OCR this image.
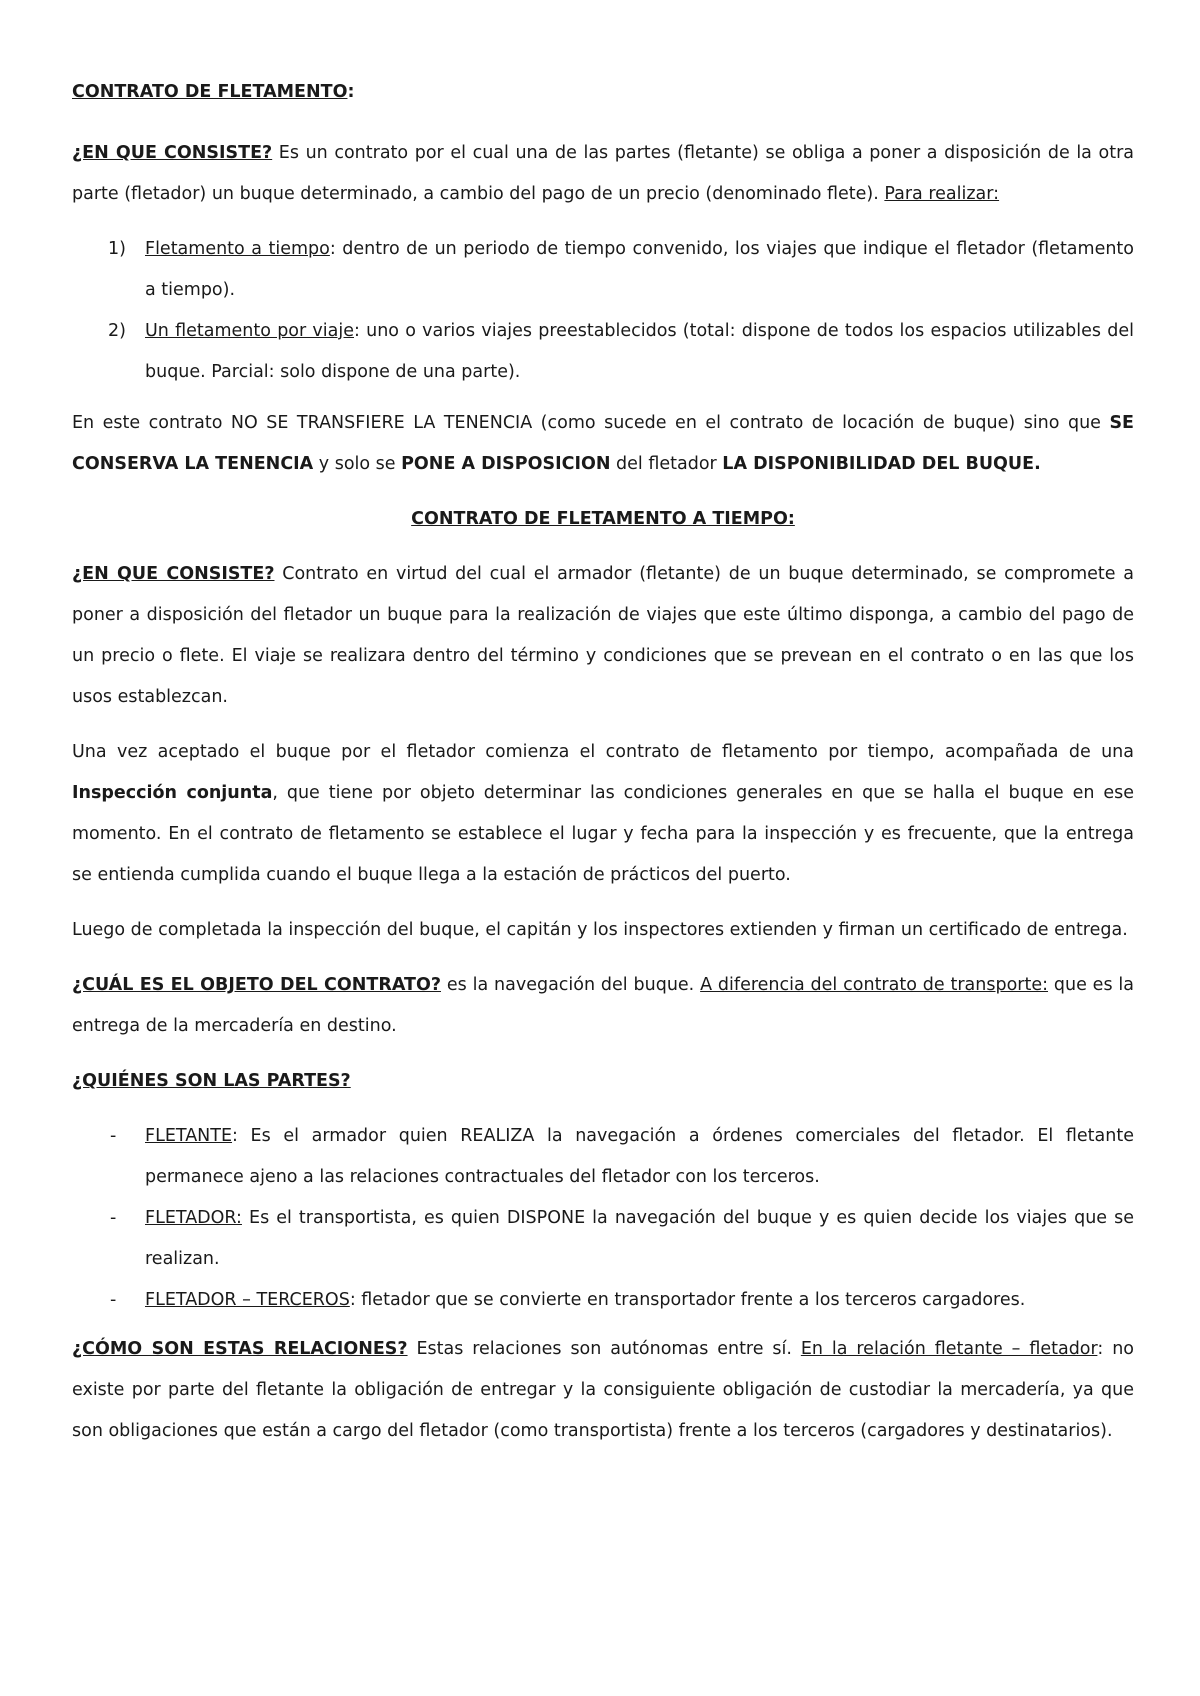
CONTRATO DE FLETAMENTO:

¿EN QUE CONSISTE? Es un contrato por el cual una de las partes (fletante) se obliga a poner a disposición de la otra parte (fletador) un buque determinado, a cambio del pago de un precio (denominado flete). Para realizar:

1) Fletamento a tiempo: dentro de un periodo de tiempo convenido, los viajes que indique el fletador (fletamento a tiempo).
2) Un fletamento por viaje: uno o varios viajes preestablecidos (total: dispone de todos los espacios utilizables del buque. Parcial: solo dispone de una parte).

En este contrato NO SE TRANSFIERE LA TENENCIA (como sucede en el contrato de locación de buque) sino que SE CONSERVA LA TENENCIA y solo se PONE A DISPOSICION del fletador LA DISPONIBILIDAD DEL BUQUE.

CONTRATO DE FLETAMENTO A TIEMPO:

¿EN QUE CONSISTE? Contrato en virtud del cual el armador (fletante) de un buque determinado, se compromete a poner a disposición del fletador un buque para la realización de viajes que este último disponga, a cambio del pago de un precio o flete. El viaje se realizara dentro del término y condiciones que se prevean en el contrato o en las que los usos establezcan.

Una vez aceptado el buque por el fletador comienza el contrato de fletamento por tiempo, acompañada de una Inspección conjunta, que tiene por objeto determinar las condiciones generales en que se halla el buque en ese momento. En el contrato de fletamento se establece el lugar y fecha para la inspección y es frecuente, que la entrega se entienda cumplida cuando el buque llega a la estación de prácticos del puerto.

Luego de completada la inspección del buque, el capitán y los inspectores extienden y firman un certificado de entrega.

¿CUÁL ES EL OBJETO DEL CONTRATO? es la navegación del buque. A diferencia del contrato de transporte: que es la entrega de la mercadería en destino.

¿QUIÉNES SON LAS PARTES?

- FLETANTE: Es el armador quien REALIZA la navegación a órdenes comerciales del fletador. El fletante permanece ajeno a las relaciones contractuales del fletador con los terceros.
- FLETADOR: Es el transportista, es quien DISPONE la navegación del buque y es quien decide los viajes que se realizan.
- FLETADOR – TERCEROS: fletador que se convierte en transportador frente a los terceros cargadores.

¿CÓMO SON ESTAS RELACIONES? Estas relaciones son autónomas entre sí. En la relación fletante – fletador: no existe por parte del fletante la obligación de entregar y la consiguiente obligación de custodiar la mercadería, ya que son obligaciones que están a cargo del fletador (como transportista) frente a los terceros (cargadores y destinatarios).
